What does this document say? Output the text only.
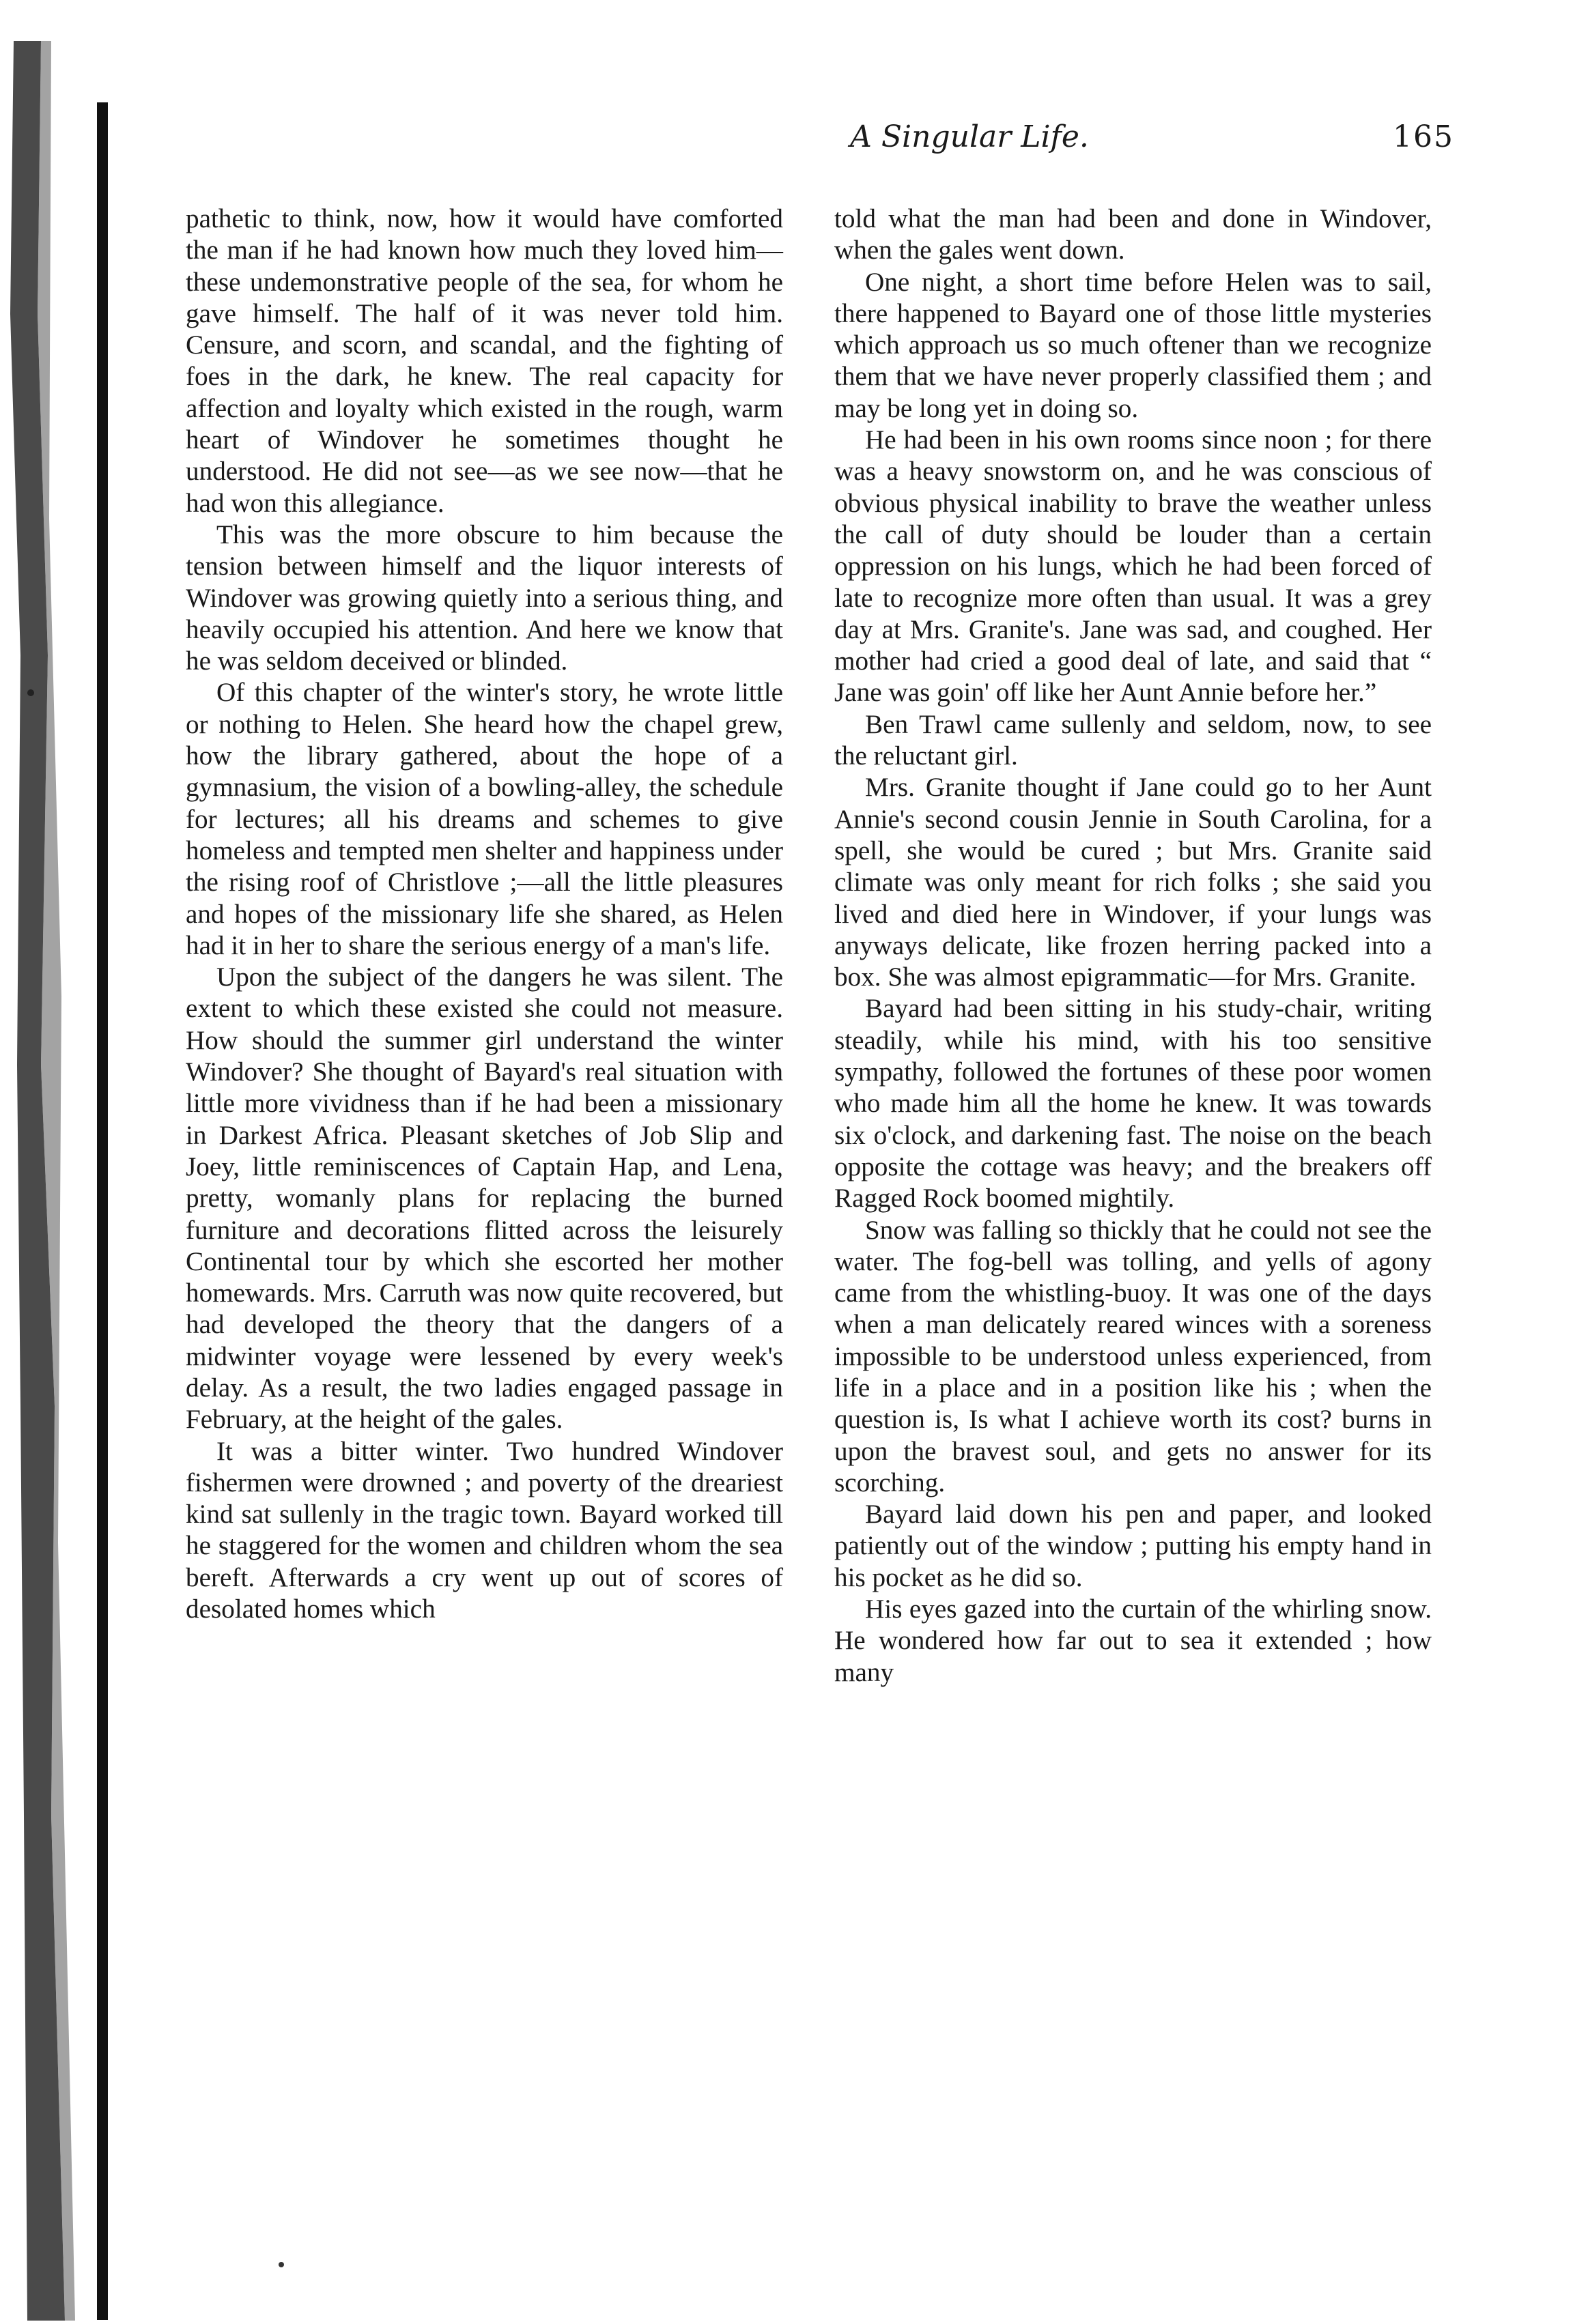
A Singular Life.	165

pathetic to think, now, how it would have comforted the man if he had known how much they loved him— these undemonstrative people of the sea, for whom he gave himself. The half of it was never told him. Censure, and scorn, and scandal, and the fighting of foes in the dark, he knew. The real capacity for affection and loyalty which existed in the rough, warm heart of Windover he sometimes thought he understood. He did not see—as we see now—that he had won this allegiance.

This was the more obscure to him because the tension between himself and the liquor interests of Windover was growing quietly into a serious thing, and heavily occupied his attention. And here we know that he was seldom deceived or blinded.

Of this chapter of the winter's story, he wrote little or nothing to Helen. She heard how the chapel grew, how the library gathered, about the hope of a gymnasium, the vision of a bowling-alley, the schedule for lectures; all his dreams and schemes to give homeless and tempted men shelter and happiness under the rising roof of Christlove ;—all the little pleasures and hopes of the missionary life she shared, as Helen had it in her to share the serious energy of a man's life.

Upon the subject of the dangers he was silent. The extent to which these existed she could not measure. How should the summer girl understand the winter Windover? She thought of Bayard's real situation with little more vividness than if he had been a missionary in Darkest Africa. Pleasant sketches of Job Slip and Joey, little reminiscences of Captain Hap, and Lena, pretty, womanly plans for replacing the burned furniture and decorations flitted across the leisurely Continental tour by which she escorted her mother homewards. Mrs. Carruth was now quite recovered, but had developed the theory that the dangers of a midwinter voyage were lessened by every week's delay. As a result, the two ladies engaged passage in February, at the height of the gales.

It was a bitter winter. Two hundred Windover fishermen were drowned ; and poverty of the dreariest kind sat sullenly in the tragic town. Bayard worked till he staggered for the women and children whom the sea bereft. Afterwards a cry went up out of scores of desolated homes which

told what the man had been and done in Windover, when the gales went down.

One night, a short time before Helen was to sail, there happened to Bayard one of those little mysteries which approach us so much oftener than we recognize them that we have never properly classified them ; and may be long yet in doing so.

He had been in his own rooms since noon ; for there was a heavy snowstorm on, and he was conscious of obvious physical inability to brave the weather unless the call of duty should be louder than a certain oppression on his lungs, which he had been forced of late to recognize more often than usual. It was a grey day at Mrs. Granite's. Jane was sad, and coughed. Her mother had cried a good deal of late, and said that “ Jane was goin' off like her Aunt Annie before her.”

Ben Trawl came sullenly and seldom, now, to see the reluctant girl.

Mrs. Granite thought if Jane could go to her Aunt Annie's second cousin Jennie in South Carolina, for a spell, she would be cured ; but Mrs. Granite said climate was only meant for rich folks ; she said you lived and died here in Windover, if your lungs was anyways delicate, like frozen herring packed into a box. She was almost epigrammatic—for Mrs. Granite.

Bayard had been sitting in his study-chair, writing steadily, while his mind, with his too sensitive sympathy, followed the fortunes of these poor women who made him all the home he knew. It was towards six o'clock, and darkening fast. The noise on the beach opposite the cottage was heavy; and the breakers off Ragged Rock boomed mightily.

Snow was falling so thickly that he could not see the water. The fog-bell was tolling, and yells of agony came from the whistling-buoy. It was one of the days when a man delicately reared winces with a soreness impossible to be understood unless experienced, from life in a place and in a position like his ; when the question is, Is what I achieve worth its cost? burns in upon the bravest soul, and gets no answer for its scorching.

Bayard laid down his pen and paper, and looked patiently out of the window ; putting his empty hand in his pocket as he did so.

His eyes gazed into the curtain of the whirling snow. He wondered how far out to sea it extended ; how many
